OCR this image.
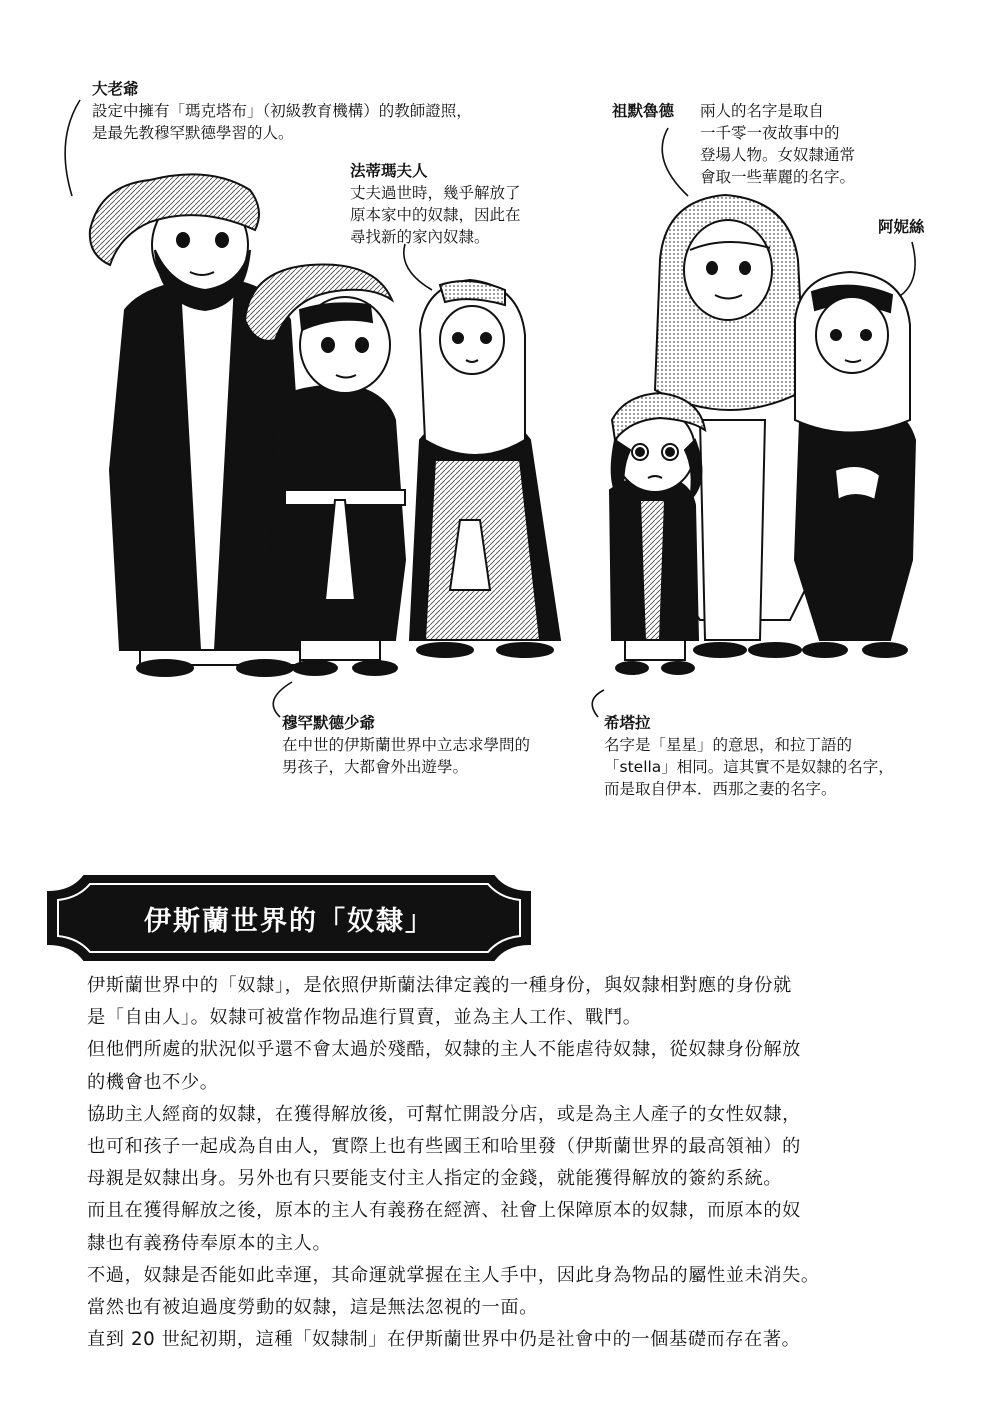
大老爺
設定中擁有「瑪克塔布」（初級教育機構）的教師證照，
是最先教穆罕默德學習的人。
法蒂瑪夫人
丈夫過世時，幾乎解放了
原本家中的奴隸，因此在
尋找新的家內奴隸。
祖默魯德 兩人的名字是取自
一千零一夜故事中的
登場人物。女奴隸通常
會取一些華麗的名字。
阿妮絲
穆罕默德少爺
在中世的伊斯蘭世界中立志求學問的
男孩子，大都會外出遊學。
希塔拉
名字是「星星」的意思，和拉丁語的
「stella」相同。這其實不是奴隸的名字，
而是取自伊本．西那之妻的名字。
伊斯蘭世界的「奴隸」

伊斯蘭世界中的「奴隸」，是依照伊斯蘭法律定義的一種身份，與奴隸相對應的身份就

是「自由人」。奴隸可被當作物品進行買賣，並為主人工作、戰鬥。

但他們所處的狀況似乎還不會太過於殘酷，奴隸的主人不能虐待奴隸，從奴隸身份解放

的機會也不少。

協助主人經商的奴隸，在獲得解放後，可幫忙開設分店，或是為主人產子的女性奴隸，

也可和孩子一起成為自由人，實際上也有些國王和哈里發（伊斯蘭世界的最高領袖）的

母親是奴隸出身。另外也有只要能支付主人指定的金錢，就能獲得解放的簽約系統。

而且在獲得解放之後，原本的主人有義務在經濟、社會上保障原本的奴隸，而原本的奴

隸也有義務侍奉原本的主人。

不過，奴隸是否能如此幸運，其命運就掌握在主人手中，因此身為物品的屬性並未消失。

當然也有被迫過度勞動的奴隸，這是無法忽視的一面。

直到 20 世紀初期，這種「奴隸制」在伊斯蘭世界中仍是社會中的一個基礎而存在著。
